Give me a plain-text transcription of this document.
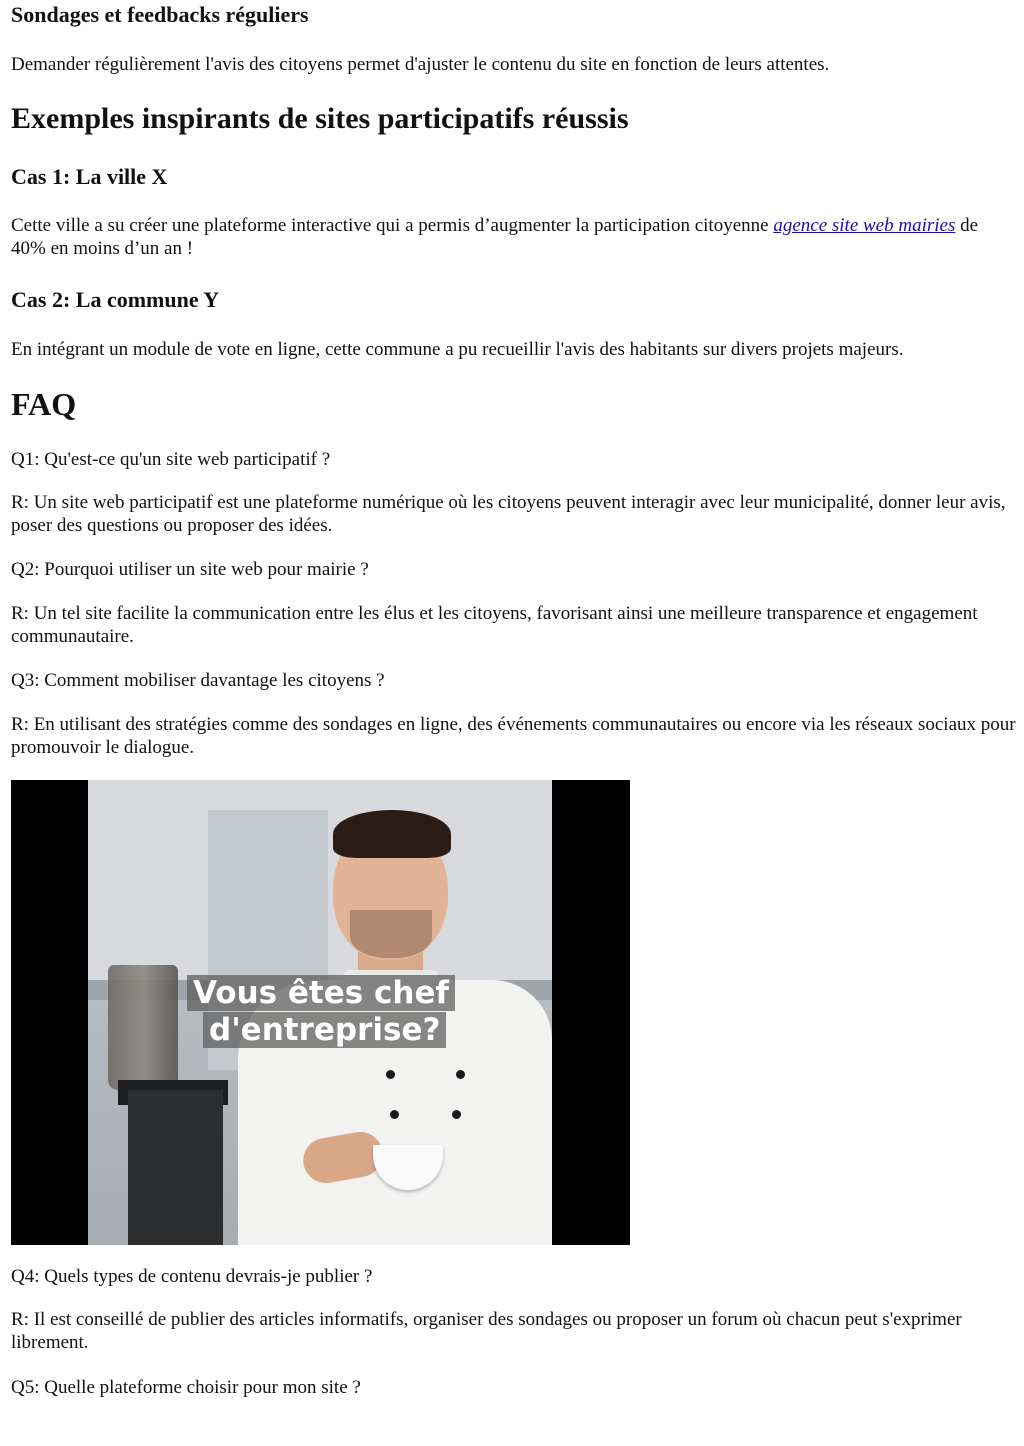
Sondages et feedbacks réguliers

Demander régulièrement l'avis des citoyens permet d'ajuster le contenu du site en fonction de leurs attentes.

Exemples inspirants de sites participatifs réussis
Cas 1: La ville X

Cette ville a su créer une plateforme interactive qui a permis d’augmenter la participation citoyenne agence site web mairies de 40% en moins d’un an !

Cas 2: La commune Y

En intégrant un module de vote en ligne, cette commune a pu recueillir l'avis des habitants sur divers projets majeurs.

FAQ

Q1: Qu'est-ce qu'un site web participatif ?

R: Un site web participatif est une plateforme numérique où les citoyens peuvent interagir avec leur municipalité, donner leur avis, poser des questions ou proposer des idées.

Q2: Pourquoi utiliser un site web pour mairie ?

R: Un tel site facilite la communication entre les élus et les citoyens, favorisant ainsi une meilleure transparence et engagement communautaire.

Q3: Comment mobiliser davantage les citoyens ?

R: En utilisant des stratégies comme des sondages en ligne, des événements communautaires ou encore via les réseaux sociaux pour promouvoir le dialogue.

Vous êtes chef
d'entreprise?

Q4: Quels types de contenu devrais-je publier ?

R: Il est conseillé de publier des articles informatifs, organiser des sondages ou proposer un forum où chacun peut s'exprimer librement.

Q5: Quelle plateforme choisir pour mon site ?
